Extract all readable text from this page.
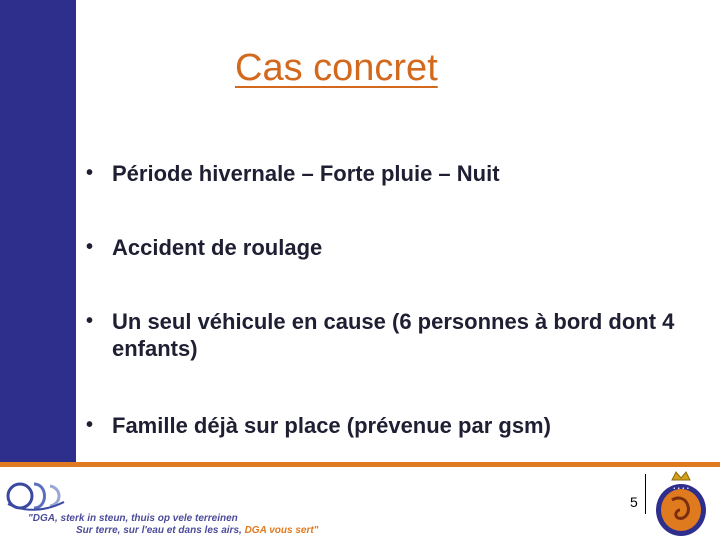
Cas concret
• Période hivernale – Forte pluie – Nuit
• Accident de roulage
• Un seul véhicule en cause (6 personnes à bord dont 4 enfants)
• Famille déjà sur place (prévenue par gsm)
"DGA, sterk in steun, thuis op vele terreinen
Sur terre, sur l'eau et dans les airs, DGA vous sert"
5
• • • •
